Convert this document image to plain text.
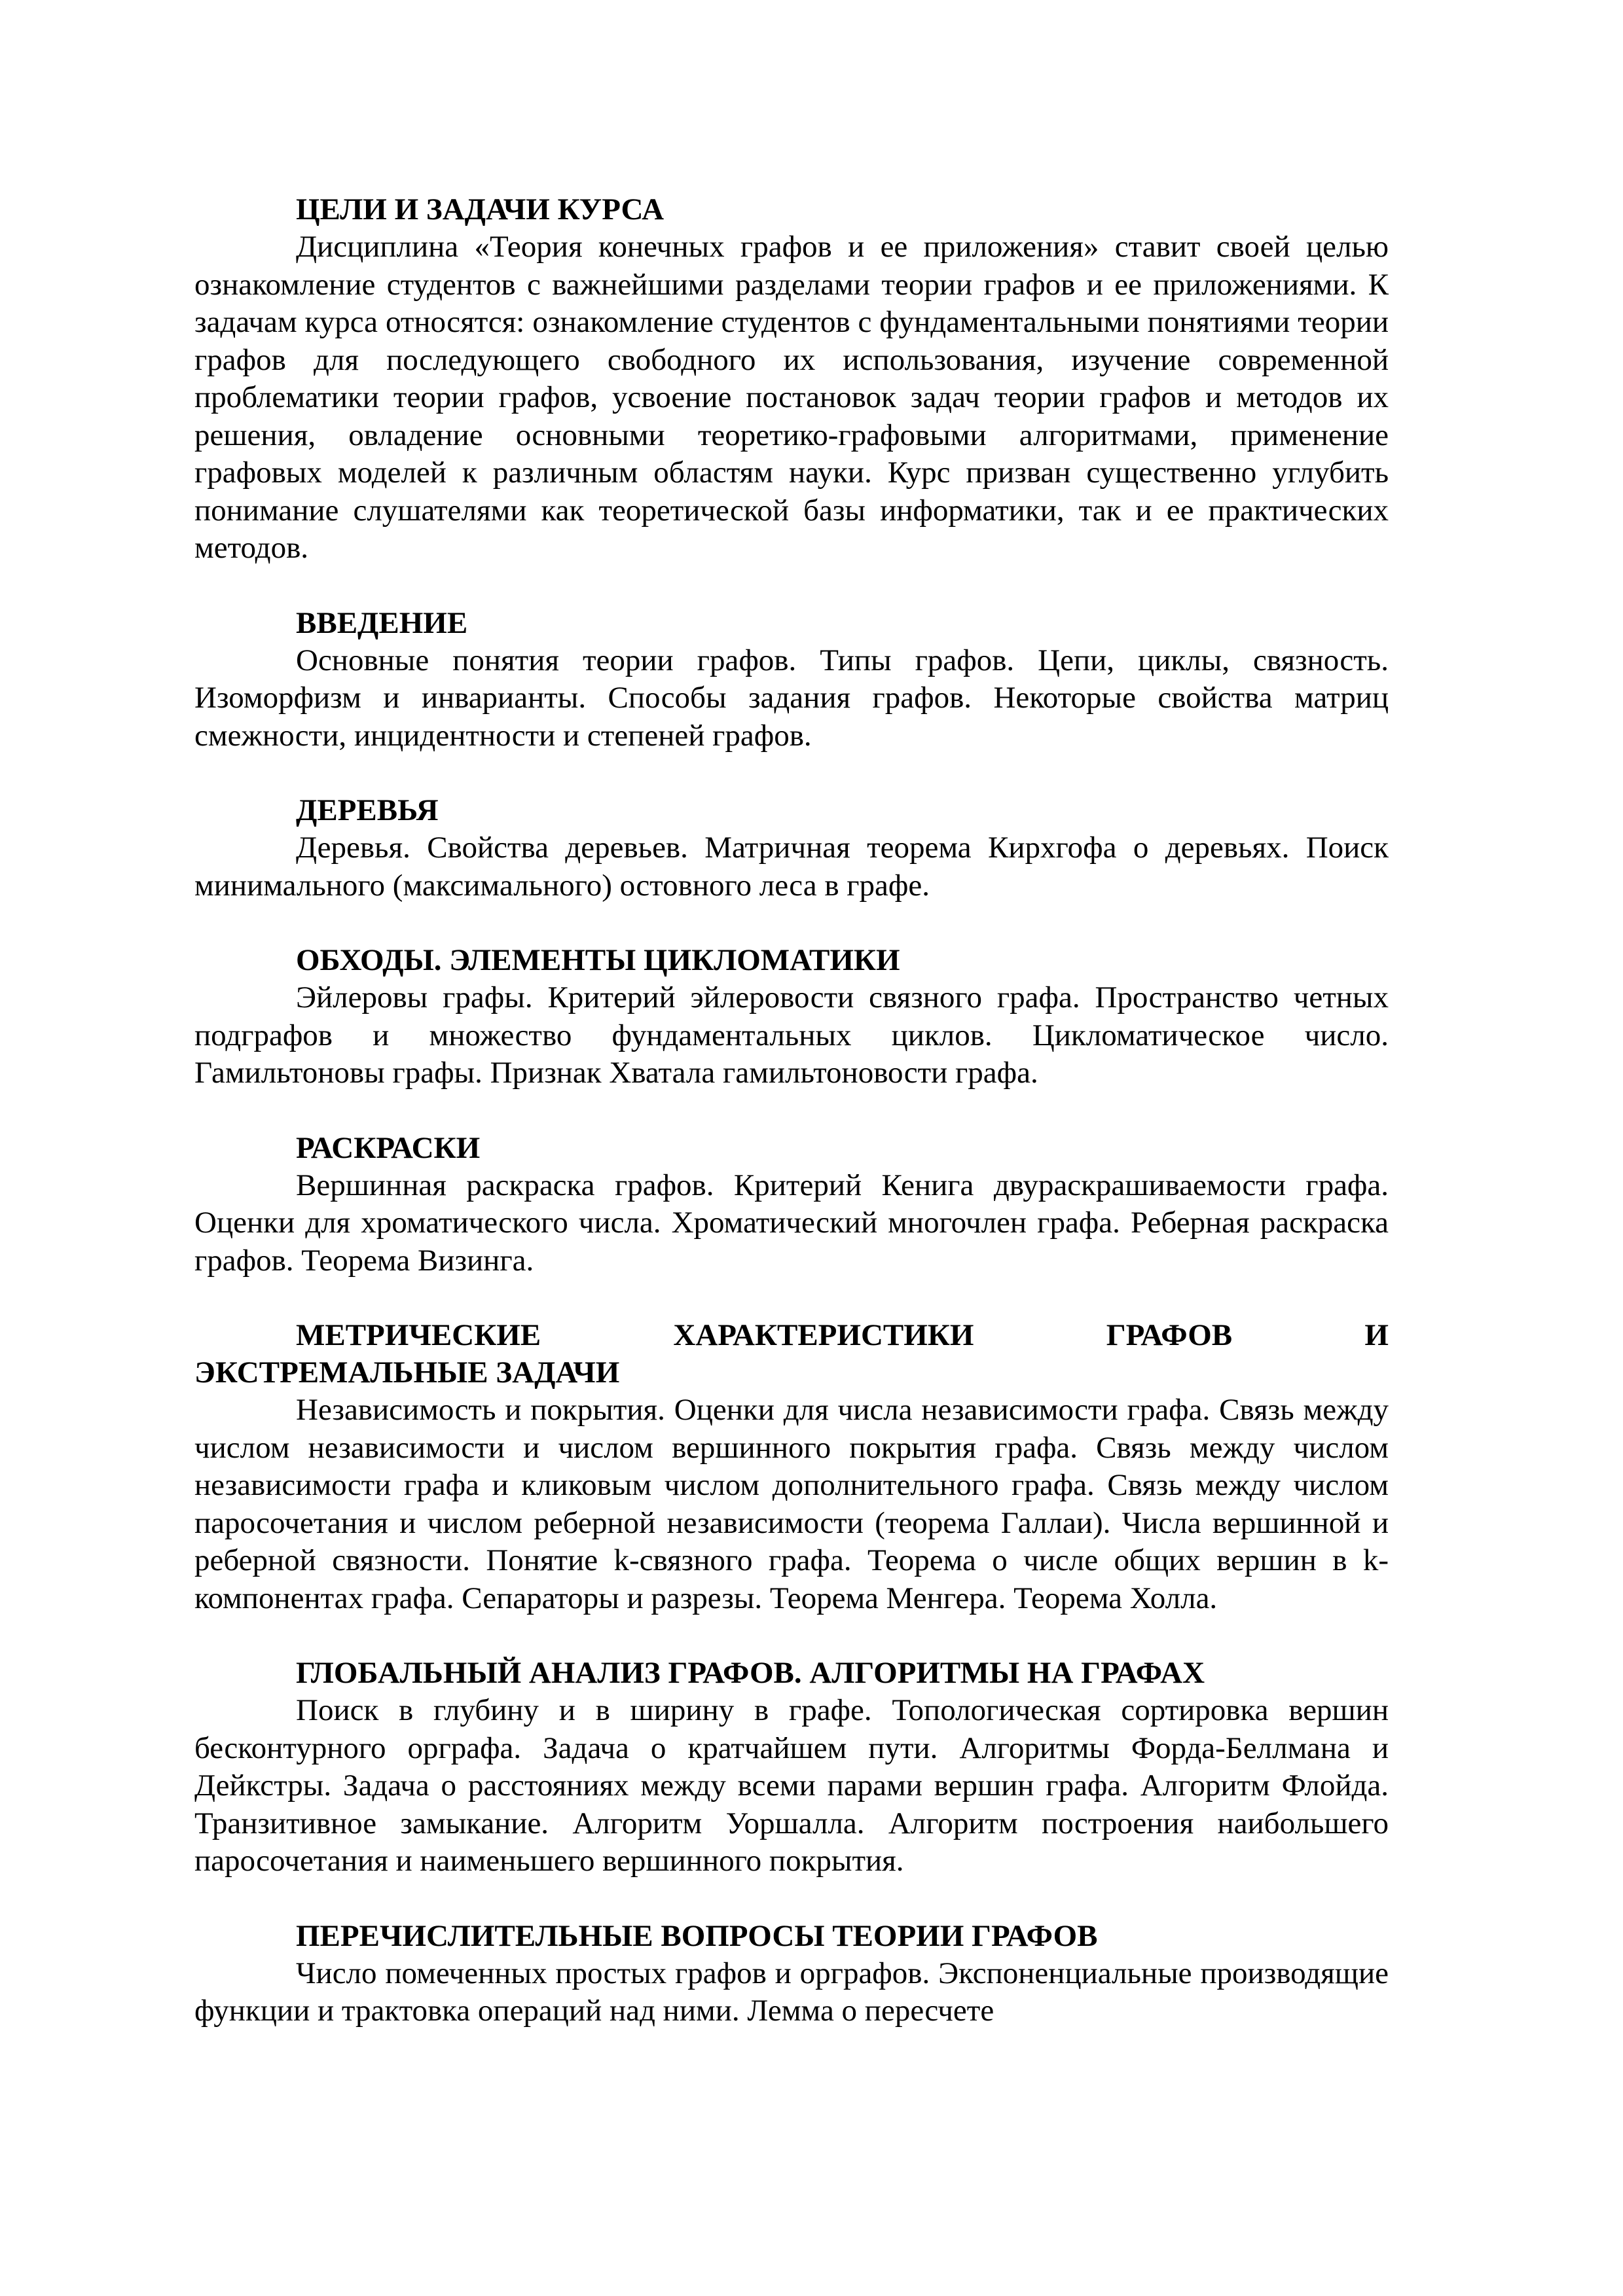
ЦЕЛИ И ЗАДАЧИ КУРСА

Дисциплина «Теория конечных графов и ее приложения» ставит своей целью ознакомление студентов с важнейшими разделами теории графов и ее приложениями. К задачам курса относятся: ознакомление студентов с фундаментальными понятиями теории графов для последующего свободного их использования, изучение современной проблематики теории графов, усвоение постановок задач теории графов и методов их решения, овладение основными теоретико-графовыми алгоритмами, применение графовых моделей к различным областям науки. Курс призван существенно углубить понимание слушателями как теоретической базы информатики, так и ее практических методов.

ВВЕДЕНИЕ

Основные понятия теории графов. Типы графов. Цепи, циклы, связность. Изоморфизм и инварианты. Способы задания графов. Некоторые свойства матриц смежности, инцидентности и степеней графов.

ДЕРЕВЬЯ

Деревья. Свойства деревьев. Матричная теорема Кирхгофа о деревьях. Поиск минимального (максимального) остовного леса в графе.

ОБХОДЫ. ЭЛЕМЕНТЫ ЦИКЛОМАТИКИ

Эйлеровы графы. Критерий эйлеровости связного графа. Пространство четных подграфов и множество фундаментальных циклов. Цикломатическое число. Гамильтоновы графы. Признак Хватала гамильтоновости графа.

РАСКРАСКИ

Вершинная раскраска графов. Критерий Кенига двураскрашиваемости графа. Оценки для хроматического числа. Хроматический многочлен графа. Реберная раскраска графов. Теорема Визинга.

МЕТРИЧЕСКИЕ	ХАРАКТЕРИСТИКИ	ГРАФОВ	И
ЭКСТРЕМАЛЬНЫЕ ЗАДАЧИ

Независимость и покрытия. Оценки для числа независимости графа. Связь между числом независимости и числом вершинного покрытия графа. Связь между числом независимости графа и кликовым числом дополнительного графа. Связь между числом паросочетания и числом реберной независимости (теорема Галлаи). Числа вершинной и реберной связности. Понятие k-связного графа. Теорема о числе общих вершин в k-компонентах графа. Сепараторы и разрезы. Теорема Менгера. Теорема Холла.

ГЛОБАЛЬНЫЙ АНАЛИЗ ГРАФОВ. АЛГОРИТМЫ НА ГРАФАХ

Поиск в глубину и в ширину в графе. Топологическая сортировка вершин бесконтурного орграфа. Задача о кратчайшем пути. Алгоритмы Форда-Беллмана и Дейкстры. Задача о расстояниях между всеми парами вершин графа. Алгоритм Флойда. Транзитивное замыкание. Алгоритм Уоршалла. Алгоритм построения наибольшего паросочетания и наименьшего вершинного покрытия.

ПЕРЕЧИСЛИТЕЛЬНЫЕ ВОПРОСЫ ТЕОРИИ ГРАФОВ

Число помеченных простых графов и орграфов. Экспоненциальные производящие функции и трактовка операций над ними. Лемма о пересчете
